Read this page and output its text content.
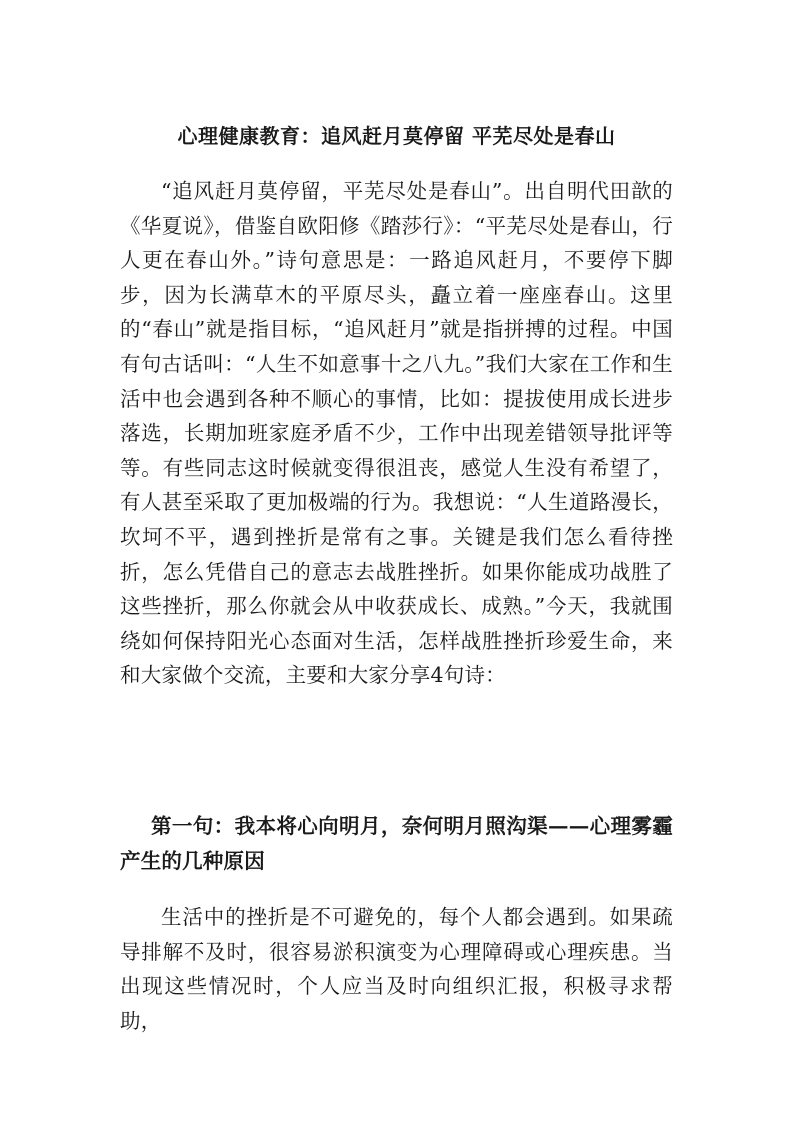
心理健康教育：追风赶月莫停留 平芜尽处是春山

“追风赶月莫停留，平芜尽处是春山”。出自明代田歆的《华夏说》，借鉴自欧阳修《踏莎行》：“平芜尽处是春山，行人更在春山外。”诗句意思是：一路追风赶月，不要停下脚步，因为长满草木的平原尽头，矗立着一座座春山。这里的“春山”就是指目标，“追风赶月”就是指拼搏的过程。中国有句古话叫：“人生不如意事十之八九。”我们大家在工作和生活中也会遇到各种不顺心的事情，比如：提拔使用成长进步落选，长期加班家庭矛盾不少，工作中出现差错领导批评等等。有些同志这时候就变得很沮丧，感觉人生没有希望了，有人甚至采取了更加极端的行为。我想说：“人生道路漫长，坎坷不平，遇到挫折是常有之事。关键是我们怎么看待挫折，怎么凭借自己的意志去战胜挫折。如果你能成功战胜了这些挫折，那么你就会从中收获成长、成熟。”今天，我就围绕如何保持阳光心态面对生活，怎样战胜挫折珍爱生命，来和大家做个交流，主要和大家分享4句诗：

第一句：我本将心向明月，奈何明月照沟渠——心理雾霾产生的几种原因

生活中的挫折是不可避免的，每个人都会遇到。如果疏导排解不及时，很容易淤积演变为心理障碍或心理疾患。当出现这些情况时，个人应当及时向组织汇报，积极寻求帮助，
